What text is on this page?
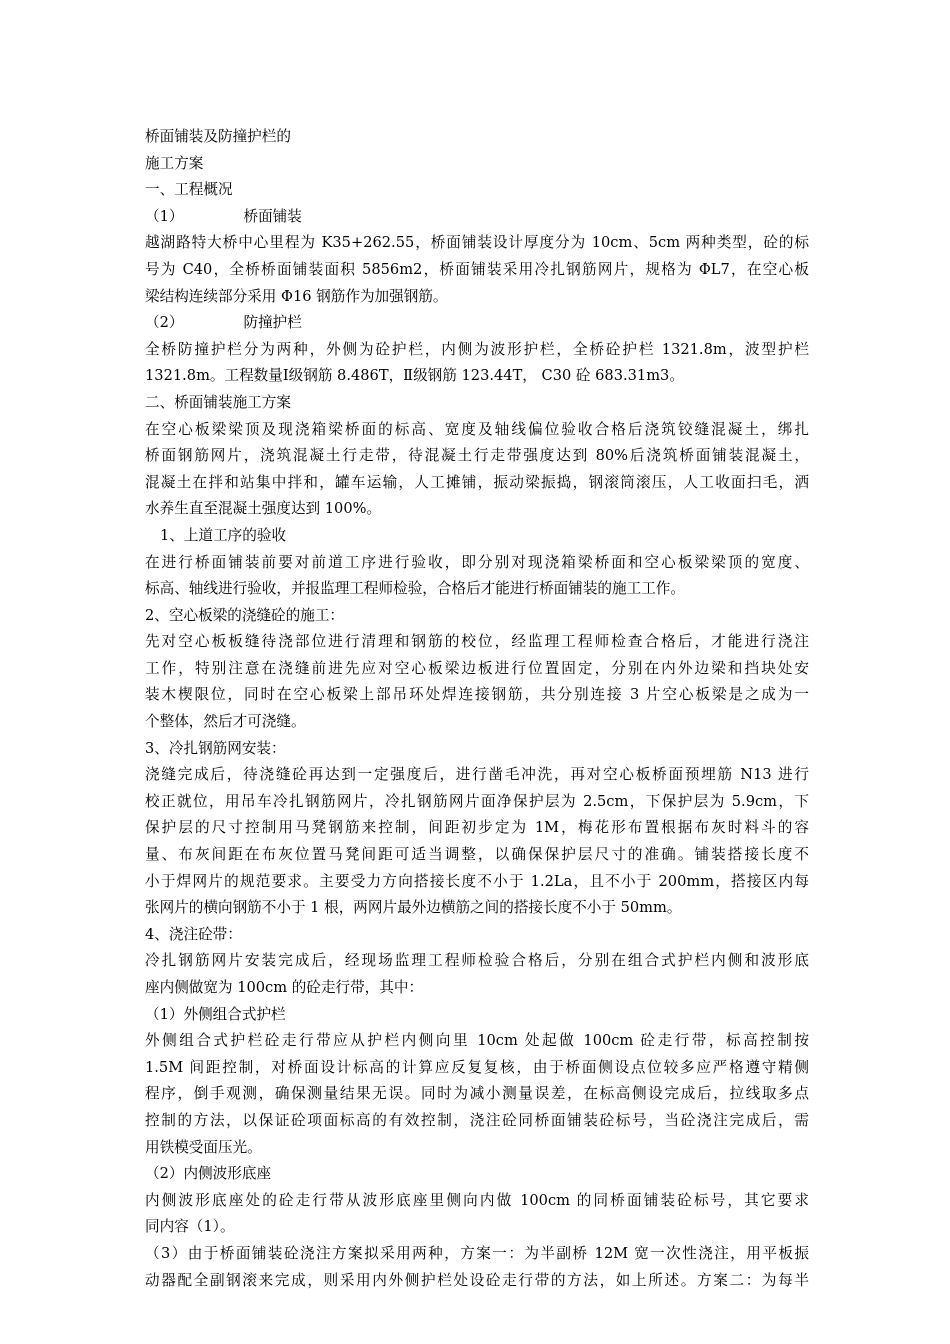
桥面铺装及防撞护栏的
施工方案
一、工程概况
（1）	桥面铺装
越湖路特大桥中心里程为 K35+262.55，桥面铺装设计厚度分为 10cm、5cm 两种类型，砼的标
号为 C40，全桥桥面铺装面积 5856m2，桥面铺装采用冷扎钢筋网片，规格为 ΦL7，在空心板
梁结构连续部分采用 Φ16 钢筋作为加强钢筋。
（2）	防撞护栏
全桥防撞护栏分为两种，外侧为砼护栏，内侧为波形护栏，全桥砼护栏 1321.8m，波型护栏
1321.8m。工程数量Ⅰ级钢筋 8.486T，Ⅱ级钢筋 123.44T， C30 砼 683.31m3。
二、桥面铺装施工方案
在空心板梁梁顶及现浇箱梁桥面的标高、宽度及轴线偏位验收合格后浇筑铰缝混凝土，绑扎
桥面钢筋网片，浇筑混凝土行走带，待混凝土行走带强度达到 80%后浇筑桥面铺装混凝土，
混凝土在拌和站集中拌和，罐车运输，人工摊铺，振动梁振捣，钢滚筒滚压，人工收面扫毛，洒
水养生直至混凝土强度达到 100%。
1、上道工序的验收
在进行桥面铺装前要对前道工序进行验收，即分别对现浇箱梁桥面和空心板梁梁顶的宽度、
标高、轴线进行验收，并报监理工程师检验，合格后才能进行桥面铺装的施工工作。
2、空心板梁的浇缝砼的施工：
先对空心板板缝待浇部位进行清理和钢筋的校位，经监理工程师检查合格后，才能进行浇注
工作，特别注意在浇缝前进先应对空心板梁边板进行位置固定，分别在内外边梁和挡块处安
装木楔限位，同时在空心板梁上部吊环处焊连接钢筋，共分别连接 3 片空心板梁是之成为一
个整体，然后才可浇缝。
3、冷扎钢筋网安装：
浇缝完成后，待浇缝砼再达到一定强度后，进行凿毛冲洗，再对空心板桥面预埋筋 N13 进行
校正就位，用吊车冷扎钢筋网片，冷扎钢筋网片面净保护层为 2.5cm，下保护层为 5.9cm，下
保护层的尺寸控制用马凳钢筋来控制，间距初步定为 1M，梅花形布置根据布灰时料斗的容
量、布灰间距在布灰位置马凳间距可适当调整，以确保保护层尺寸的准确。铺装搭接长度不
小于焊网片的规范要求。主要受力方向搭接长度不小于 1.2La，且不小于 200mm，搭接区内每
张网片的横向钢筋不小于 1 根，两网片最外边横筋之间的搭接长度不小于 50mm。
4、浇注砼带：
冷扎钢筋网片安装完成后，经现场监理工程师检验合格后，分别在组合式护栏内侧和波形底
座内侧做宽为 100cm 的砼走行带，其中：
（1）外侧组合式护栏
外侧组合式护栏砼走行带应从护栏内侧向里 10cm 处起做 100cm 砼走行带，标高控制按
1.5M 间距控制，对桥面设计标高的计算应反复复核，由于桥面侧设点位较多应严格遵守精侧
程序，倒手观测，确保测量结果无误。同时为减小测量误差，在标高侧设完成后，拉线取多点
控制的方法，以保证砼项面标高的有效控制，浇注砼同桥面铺装砼标号，当砼浇注完成后，需
用铁模受面压光。
（2）内侧波形底座
内侧波形底座处的砼走行带从波形底座里侧向内做 100cm 的同桥面铺装砼标号，其它要求
同内容（1）。
（3）由于桥面铺装砼浇注方案拟采用两种，方案一：为半副桥 12M 宽一次性浇注，用平板振
动器配全副钢滚来完成，则采用内外侧护栏处设砼走行带的方法，如上所述。方案二：为每半
